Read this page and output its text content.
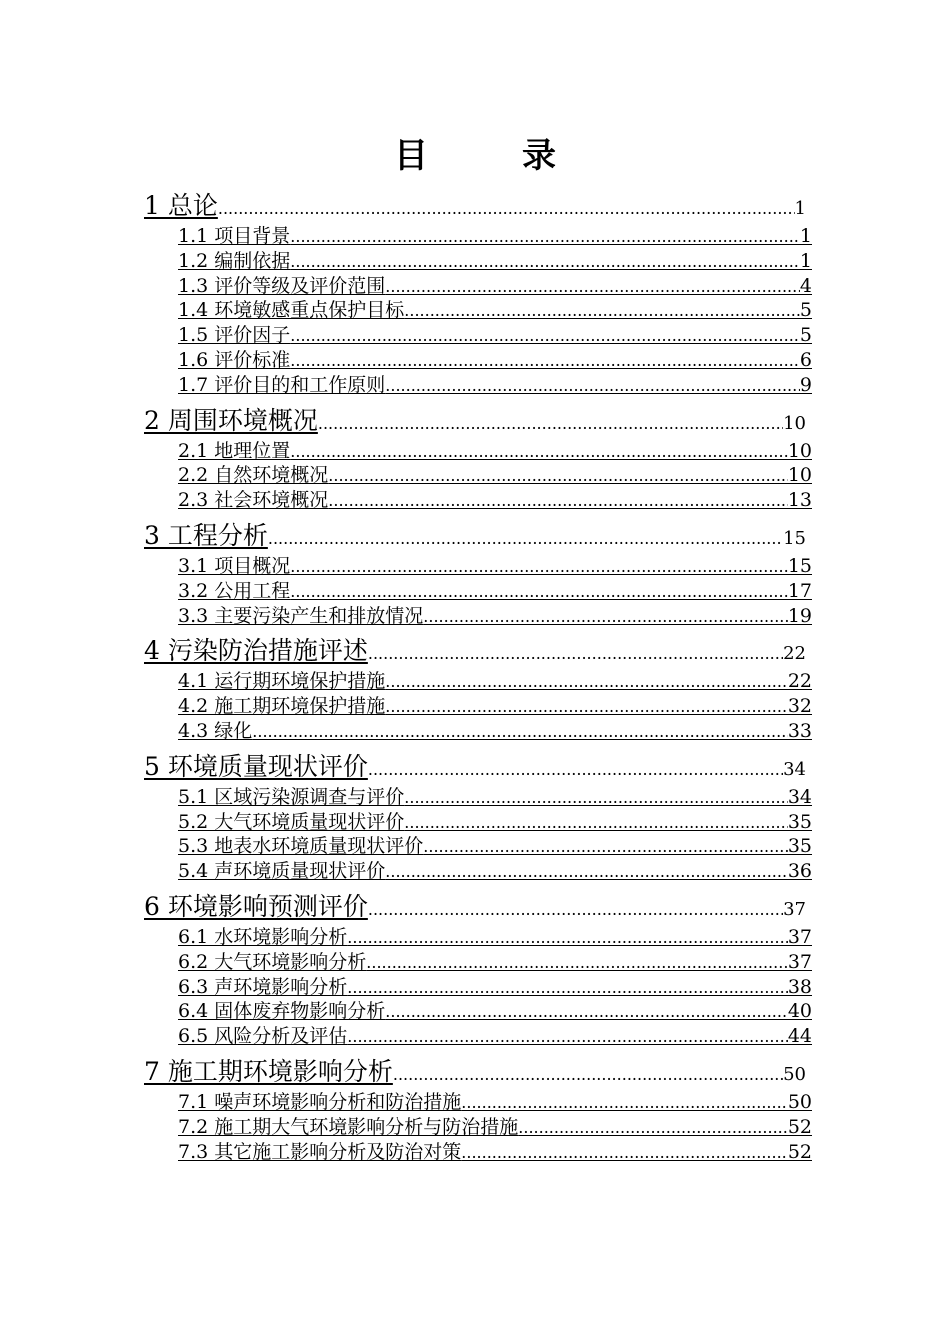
目　录
1 总论 .....	1
1.1 项目背景 .....	1
1.2 编制依据 .....	1
1.3 评价等级及评价范围 .....	4
1.4 环境敏感重点保护目标 .....	5
1.5 评价因子 .....	5
1.6 评价标准 .....	6
1.7 评价目的和工作原则 .....	9
2 周围环境概况 .....	10
2.1 地理位置 .....	10
2.2 自然环境概况 .....	10
2.3 社会环境概况 .....	13
3 工程分析 .....	15
3.1 项目概况 .....	15
3.2 公用工程 .....	17
3.3 主要污染产生和排放情况 .....	19
4 污染防治措施评述 .....	22
4.1 运行期环境保护措施 .....	22
4.2 施工期环境保护措施 .....	32
4.3 绿化 .....	33
5 环境质量现状评价 .....	34
5.1 区域污染源调查与评价 .....	34
5.2 大气环境质量现状评价 .....	35
5.3 地表水环境质量现状评价 .....	35
5.4 声环境质量现状评价 .....	36
6 环境影响预测评价 .....	37
6.1 水环境影响分析 .....	37
6.2 大气环境影响分析 .....	37
6.3 声环境影响分析 .....	38
6.4 固体废弃物影响分析 .....	40
6.5 风险分析及评估 .....	44
7 施工期环境影响分析 .....	50
7.1 噪声环境影响分析和防治措施 .....	50
7.2 施工期大气环境影响分析与防治措施 .....	52
7.3 其它施工影响分析及防治对策 .....	52
